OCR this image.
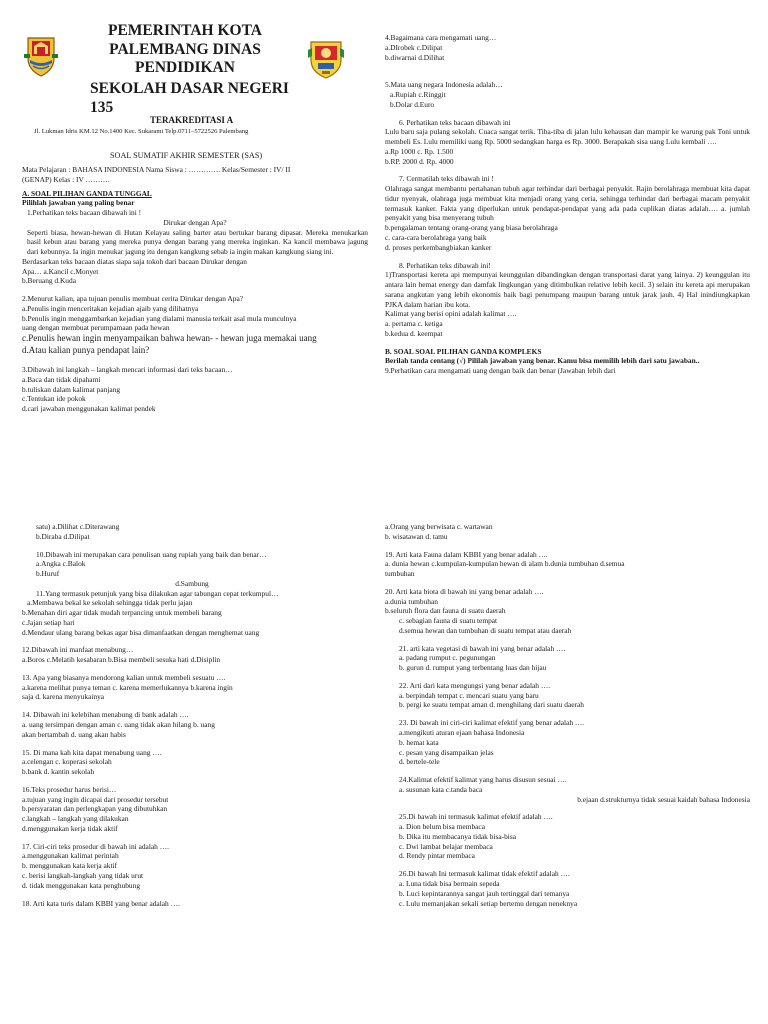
PEMERINTAH KOTA PALEMBANG DINAS PENDIDIKAN
SEKOLAH DASAR NEGERI 135
TERAKREDITASI A
Jl. Lukman Idris KM.12 No.1400 Kec. Sukarami Telp.0711–5722526 Palembang
SOAL SUMATIF AKHIR SEMESTER (SAS)

Mata Pelajaran : BAHASA INDONESIA Nama Siswa : …………. Kelas/Semester : IV/ II

(GENAP) Kelas : IV ……….

A. SOAL PILIHAN GANDA TUNGGAL

Pilihlah jawaban yang paling benar

1.Perhatikan teks bacaan dibawah ini !

Dirukar dengan Apa?

Seperti biasa, hewan-hewan di Hutan Kelayau saling barter atau bertukar barang dipasar. Mereka menukarkan hasil kebun atau barang yang mereka punya dengan barang yang mereka inginkan. Ka kancil membawa jagung dari kebunnya. Ia ingin menukar jagung itu dengan kangkung sebab ia ingin makan kangkung siang ini.

Berdasarkan teks bacaan diatas siapa saja tokoh dari bacaan Dirukar dengan

Apa… a.Kancil c.Monyet

b.Beruang d.Kuda

2.Menurut kalian, apa tujuan penulis membuat cerita Dirukar dengan Apa?

a.Penulis ingin menceritakan kejadian ajaib yang dilihatnya

b.Penulis ingin menggambarkan kejadian yang dialami manusia terkait asal mula munculnya

uang dengan membuat perumpamaan pada hewan

c.Penulis hewan ingin menyampaikan bahwa hewan- - hewan juga memakai uang

d.Atau kalian punya pendapat lain?

3.Dibawah ini langkah – langkah mencari informasi dari teks bacaan…

a.Baca dan tidak dipahami

b.tuliskan dalam kalimat panjang

c.Tentukan ide pokok

d.cari jawaban menggunakan kalimat pendek

4.Bagaimana cara mengamati uang…

a.DIrobek c.Dilipat

b.diwarnai d.Dilihat

5.Mata uang negara Indonesia adalah…

a.Rupiah c.Ringgit

b.Dolar d.Euro

6. Perhatikan teks bacaan dibawah ini

Lulu baru saja pulang sekolah. Cuaca sangat terik. Tiba-tiba di jalan lulu kehausan dan mampir ke warung pak Toni untuk membeli Es. Lulu memiliki uang Rp. 5000 sedangkan harga es Rp. 3000. Berapakah sisa uang Lulu kembali ….

a.Rp 1000 c. Rp. 1.500

b.RP. 2000 d. Rp. 4000

7. Cermatilah teks dibawah ini !

Olahraga sangat membantu pertahanan tubuh agar terhindar dari berbagai penyakit. Rajin berolahraga membuat kita dapat tidur nyenyak, olahraga juga membuat kita menjadi orang yang ceria, sehingga terhindar dari berbagai macam penyakit termasuk kanker. Fakta yang diperlukan untuk pendapat-pendapat yang ada pada cuplikan diatas adalah…. a. jumlah penyakit yang bisa menyerang tubuh

b.pengalaman tentang orang-orang yang biasa berolahraga

c. cara-cara berolahraga yang baik

d. proses perkembangbiakan kanker

8. Perhatikan teks dibawah ini!

1)Transportasi kereta api mempunyai keunggulan dibandingkan dengan transportasi darat yang lainya. 2) keunggulan itu antara lain hemat energy dan damfak lingkungan yang ditimbulkan relative lebih kecil. 3) selain itu kereta api merupakan sarana angkutan yang lebih ekonomis baik bagi penumpang maupun barang untuk jarak jauh. 4) Hal inindiungkapkan PJKA dalam harian ibu kota.

Kalimat yang berisi opini adalah kalimat ….

a. pertama c. ketiga

b.kedua d. keempat

B. SOAL SOAL PILIHAN GANDA KOMPLEKS

Berilah tanda centang (√) Pililah jawaban yang benar. Kamu bisa memilih lebih dari satu jawaban..

9.Perhatikan cara mengamati uang dengan baik dan benar (Jawaban lebih dari

satu) a.Dilihat c.Diterawang

b.Diraba d.Dilipat

10.Dibawah ini merupakan cara penulisan uang rupiah yang baik dan benar…

a.Angka c.Balok

b.Huruf

d.Sambung

11.Yang termasuk petunjuk yang bisa dilakukan agar tabungan cepat terkumpul…

a.Membawa bekal ke sekolah sehingga tidak perlu jajan

b.Menahan diri agar tidak mudah terpancing untuk membeli barang

c.Jajan setiap hari

d.Mendaur ulang barang bekas agar bisa dimanfaatkan dengan menghemat uang

12.Dibawah ini manfaat menabung…

a.Boros c.Melatih kesabaran b.Bisa membeli sesuka hati d.Disiplin

13. Apa yang biasanya mendorong kalian untuk membeli sesuatu ….

a.karena melihat punya teman c. karena memerlukannya b.karena ingin

saja d. karena menyukainya

14. Dibawah ini kelebihan menabung di bank adalah ….

a. uang tersimpan dengan aman c. uang tidak akan hilang b. uang

akan bertambah d. uang akan habis

15. Di mana kah kita dapat menabung uang ….

a.celengan c. koperasi sekolah

b.bank d. kantin sekolah

16.Teks prosedur harus berisi…

a.tujuan yang ingin dicapai dari prosedur tersebut

b.persyaratan dan perlengkapan yang dibutuhkan

c.langkah – langkah yang dilakukan

d.menggunakan kerja tidak aktif

17. Ciri-ciri teks prosedur di bawah ini adalah ….

a.menggunakan kalimat perintah

b. menggunakan kata kerja aktif

c. berisi langkah-langkah yang tidak urut

d. tidak menggunakan kata penghubung

18. Arti kata turis dalam KBBI yang benar adalah ….

a.Orang yang berwisata c. wartawan

b. wisatawan d. tamu

19. Arti kata Fauna dalam KBBI yang benar adalah ….

a. dunia hewan c.kumpulan-kumpulan hewan di alam b.dunia tumbuhan d.semua

tumbuhan

20. Arti kata biota di bawah ini yang benar adalah ….

a.dunia tumbuhan

b.seluruh flora dan fauna di suatu daerah

c. sebagian fauna di suatu tempat

d.semua hewan dan tumbuhan di suatu tempat atau daerah

21. arti kata vegetasi di bawah ini yang benar adalah ….

a. padang rumput c. pegunungan

b. gurun d. rumput yang terbentang luas dan hijau

22. Arti dari kata mengungsi yang benar adalah ….

a. berpindah tempat c. mencari suatu yang baru

b. pergi ke suatu tempat aman d. menghilang dari suatu daerah

23. Di bawah ini ciri-ciri kalimat efektif yang benar adalah ….

a.mengikuti aturan ejaan bahasa Indonesia

b. hemat kata

c. pesan yang disampaikan jelas

d. bertele-tele

24.Kalimat efektif kalimat yang harus disusun sesuai ….

a. susunan kata c.tanda baca

b.ejaan d.strukturnya tidak sesuai kaidah bahasa Indonesia

25.Di bawah ini termasuk kalimat efektif adalah ….

a. Dion belum bisa membaca

b. Dika itu membacanya tidak bisa-bisa

c. Dwi lambat belajar membaca

d. Rendy pintar membaca

26.Di bawah Ini termasuk kalimat tidak efektif adalah ….

a. Luna tidak bisa bermain sepeda

b. Luci kepintarannya sangat jauh tertinggal dari temanya

c. Lulu memanjakan sekali setiap bertemu dengan neneknya
